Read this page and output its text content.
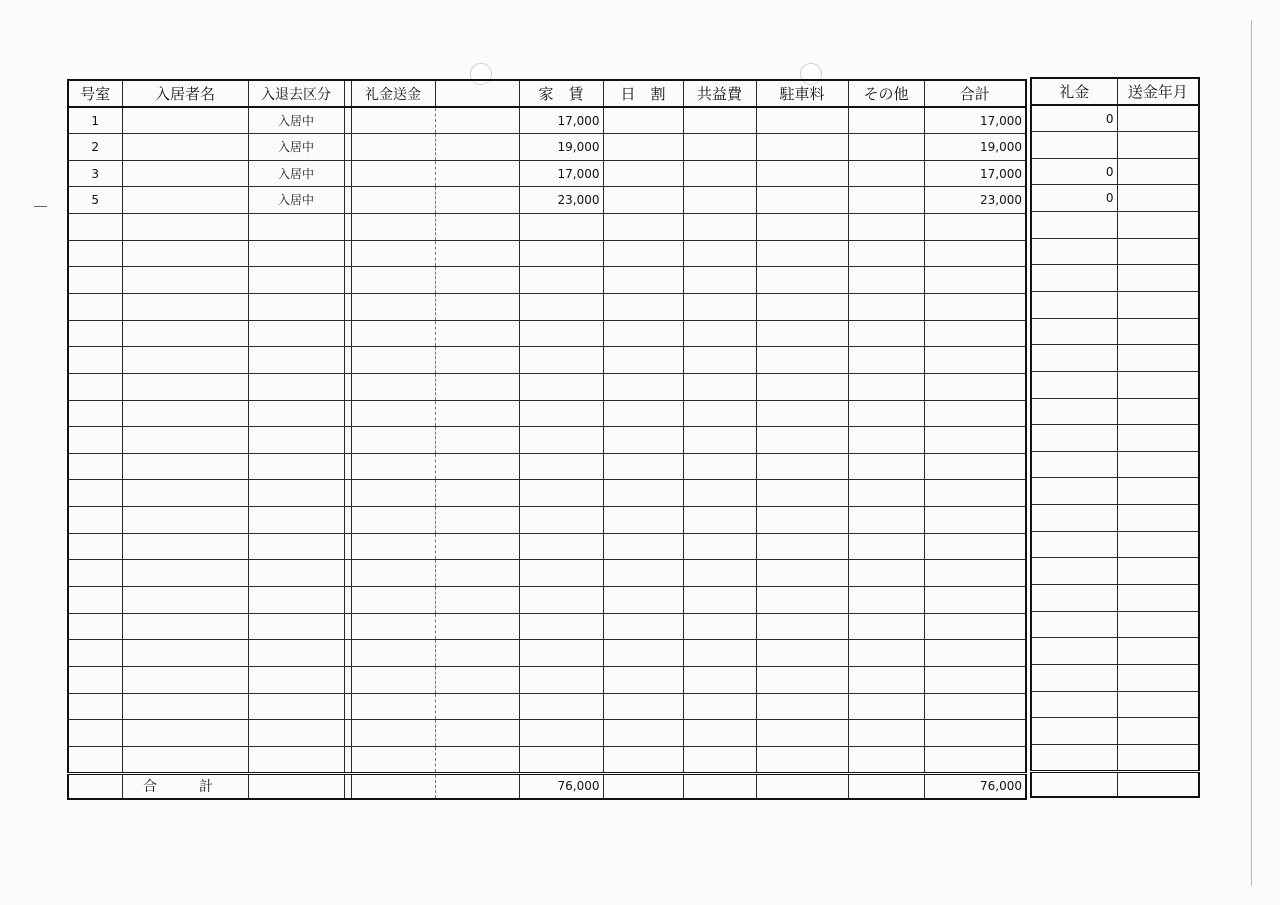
号室	入居者名	入退去区分		礼金送金		家　賃	日　割	共益費	駐車料	その他	合計
1		入居中				17,000					17,000
2		入居中				19,000					19,000
3		入居中				17,000					17,000
5		入居中				23,000					23,000

	合　計					76,000					76,000
礼金	送金年月
0	

0	
0	
